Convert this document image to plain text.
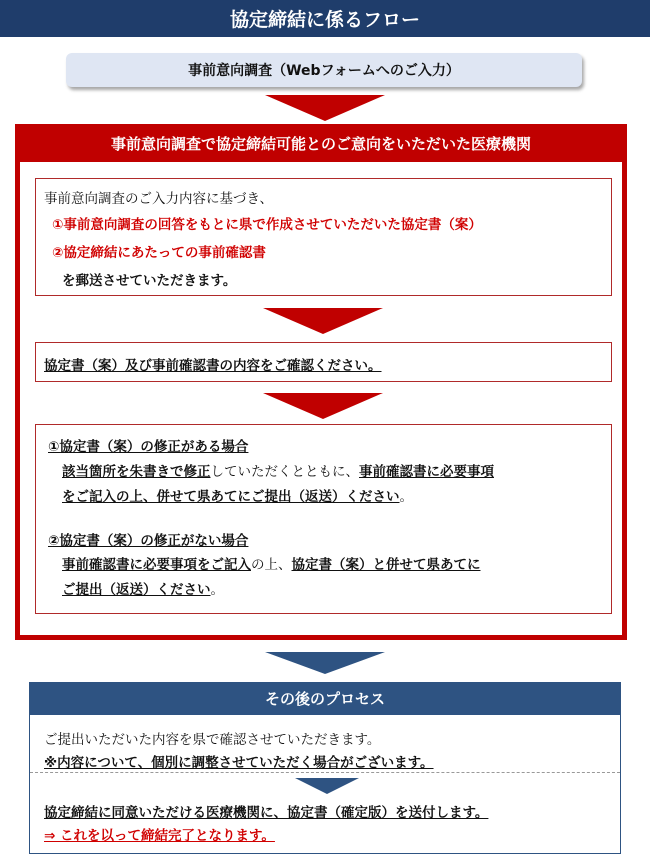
協定締結に係るフロー
事前意向調査（Webフォームへのご入力）
事前意向調査で協定締結可能とのご意向をいただいた医療機関
事前意向調査のご入力内容に基づき、
①事前意向調査の回答をもとに県で作成させていただいた協定書（案）
②協定締結にあたっての事前確認書
を郵送させていただきます。
協定書（案）及び事前確認書の内容をご確認ください。
①協定書（案）の修正がある場合
該当箇所を朱書きで修正していただくとともに、事前確認書に必要事項
をご記入の上、併せて県あてにご提出（返送）ください。
②協定書（案）の修正がない場合
事前確認書に必要事項をご記入の上、協定書（案）と併せて県あてに
ご提出（返送）ください。
ご提出いただいた内容を県で確認させていただきます。
※内容について、個別に調整させていただく場合がございます。
協定締結に同意いただける医療機関に、協定書（確定版）を送付します。
⇒ これを以って締結完了となります。
その後のプロセス
